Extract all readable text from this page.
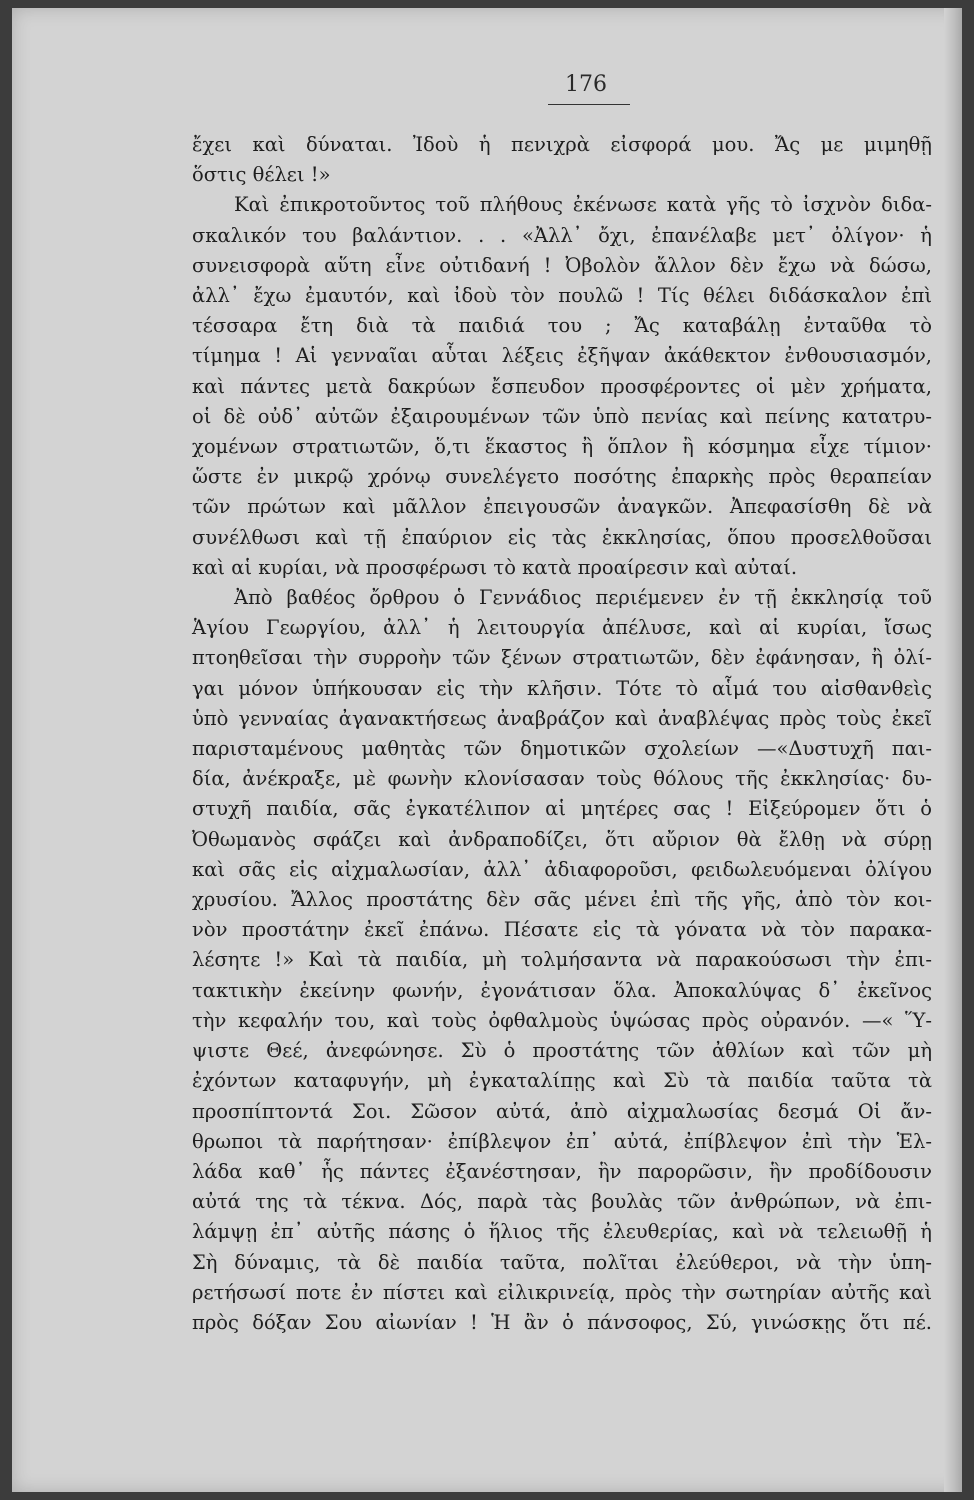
176
ἔχει καὶ δύναται. Ἰδοὺ ἡ πενιχρὰ εἰσφορά μου. Ἄς με μιμηθῇ
ὅστις θέλει !»
Καὶ ἐπικροτοῦντος τοῦ πλήθους ἐκένωσε κατὰ γῆς τὸ ἰσχνὸν διδα-
σκαλικόν του βαλάντιον. . . «Ἀλλ᾽ ὄχι, ἐπανέλαβε μετ᾽ ὀλίγον· ἡ
συνεισφορὰ αὕτη εἶνε οὐτιδανή ! Ὀβολὸν ἄλλον δὲν ἔχω νὰ δώσω,
ἀλλ᾽ ἔχω ἐμαυτόν, καὶ ἰδοὺ τὸν πουλῶ ! Τίς θέλει διδάσκαλον ἐπὶ
τέσσαρα ἔτη διὰ τὰ παιδιά του ; Ἄς καταβάλῃ ἐνταῦθα τὸ
τίμημα ! Αἱ γενναῖαι αὗται λέξεις ἐξῆψαν ἀκάθεκτον ἐνθουσιασμόν,
καὶ πάντες μετὰ δακρύων ἔσπευδον προσφέροντες οἱ μὲν χρήματα,
οἱ δὲ οὐδ᾽ αὐτῶν ἐξαιρουμένων τῶν ὑπὸ πενίας καὶ πείνης κατατρυ-
χομένων στρατιωτῶν, ὅ,τι ἕκαστος ἢ ὅπλον ἢ κόσμημα εἶχε τίμιον·
ὥστε ἐν μικρῷ χρόνῳ συνελέγετο ποσότης ἐπαρκὴς πρὸς θεραπείαν
τῶν πρώτων καὶ μᾶλλον ἐπειγουσῶν ἀναγκῶν. Ἀπεφασίσθη δὲ νὰ
συνέλθωσι καὶ τῇ ἐπαύριον εἰς τὰς ἐκκλησίας, ὅπου προσελθοῦσαι
καὶ αἱ κυρίαι, νὰ προσφέρωσι τὸ κατὰ προαίρεσιν καὶ αὐταί.
Ἀπὸ βαθέος ὄρθρου ὁ Γεννάδιος περιέμενεν ἐν τῇ ἐκκλησίᾳ τοῦ
Ἁγίου Γεωργίου, ἀλλ᾽ ἡ λειτουργία ἀπέλυσε, καὶ αἱ κυρίαι, ἴσως
πτοηθεῖσαι τὴν συρροὴν τῶν ξένων στρατιωτῶν, δὲν ἐφάνησαν, ἢ ὀλί-
γαι μόνον ὑπήκουσαν εἰς τὴν κλῆσιν. Τότε τὸ αἷμά του αἰσθανθεὶς
ὑπὸ γενναίας ἀγανακτήσεως ἀναβράζον καὶ ἀναβλέψας πρὸς τοὺς ἐκεῖ
παρισταμένους μαθητὰς τῶν δημοτικῶν σχολείων —«Δυστυχῆ παι-
δία, ἀνέκραξε, μὲ φωνὴν κλονίσασαν τοὺς θόλους τῆς ἐκκλησίας· δυ-
στυχῆ παιδία, σᾶς ἐγκατέλιπον αἱ μητέρες σας ! Εἰξεύρομεν ὅτι ὁ
Ὀθωμανὸς σφάζει καὶ ἀνδραποδίζει, ὅτι αὔριον θὰ ἔλθῃ νὰ σύρῃ
καὶ σᾶς εἰς αἰχμαλωσίαν, ἀλλ᾽ ἀδιαφοροῦσι, φειδωλευόμεναι ὀλίγου
χρυσίου. Ἄλλος προστάτης δὲν σᾶς μένει ἐπὶ τῆς γῆς, ἀπὸ τὸν κοι-
νὸν προστάτην ἐκεῖ ἐπάνω. Πέσατε εἰς τὰ γόνατα νὰ τὸν παρακα-
λέσητε !» Καὶ τὰ παιδία, μὴ τολμήσαντα νὰ παρακούσωσι τὴν ἐπι-
τακτικὴν ἐκείνην φωνήν, ἐγονάτισαν ὅλα. Ἀποκαλύψας δ᾽ ἐκεῖνος
τὴν κεφαλήν του, καὶ τοὺς ὀφθαλμοὺς ὑψώσας πρὸς οὐρανόν. —« Ὕ-
ψιστε Θεέ, ἀνεφώνησε. Σὺ ὁ προστάτης τῶν ἀθλίων καὶ τῶν μὴ
ἐχόντων καταφυγήν, μὴ ἐγκαταλίπῃς καὶ Σὺ τὰ παιδία ταῦτα τὰ
προσπίπτοντά Σοι. Σῶσον αὐτά, ἀπὸ αἰχμαλωσίας δεσμά Οἱ ἄν-
θρωποι τὰ παρήτησαν· ἐπίβλεψον ἐπ᾽ αὐτά, ἐπίβλεψον ἐπὶ τὴν Ἑλ-
λάδα καθ᾽ ἧς πάντες ἐξανέστησαν, ἣν παρορῶσιν, ἣν προδίδουσιν
αὐτά της τὰ τέκνα. Δός, παρὰ τὰς βουλὰς τῶν ἀνθρώπων, νὰ ἐπι-
λάμψῃ ἐπ᾽ αὐτῆς πάσης ὁ ἥλιος τῆς ἐλευθερίας, καὶ νὰ τελειωθῇ ἡ
Σὴ δύναμις, τὰ δὲ παιδία ταῦτα, πολῖται ἐλεύθεροι, νὰ τὴν ὑπη-
ρετήσωσί ποτε ἐν πίστει καὶ εἰλικρινείᾳ, πρὸς τὴν σωτηρίαν αὐτῆς καὶ
πρὸς δόξαν Σου αἰωνίαν ! Ἡ ἂν ὁ πάνσοφος, Σύ, γινώσκῃς ὅτι πέ.
